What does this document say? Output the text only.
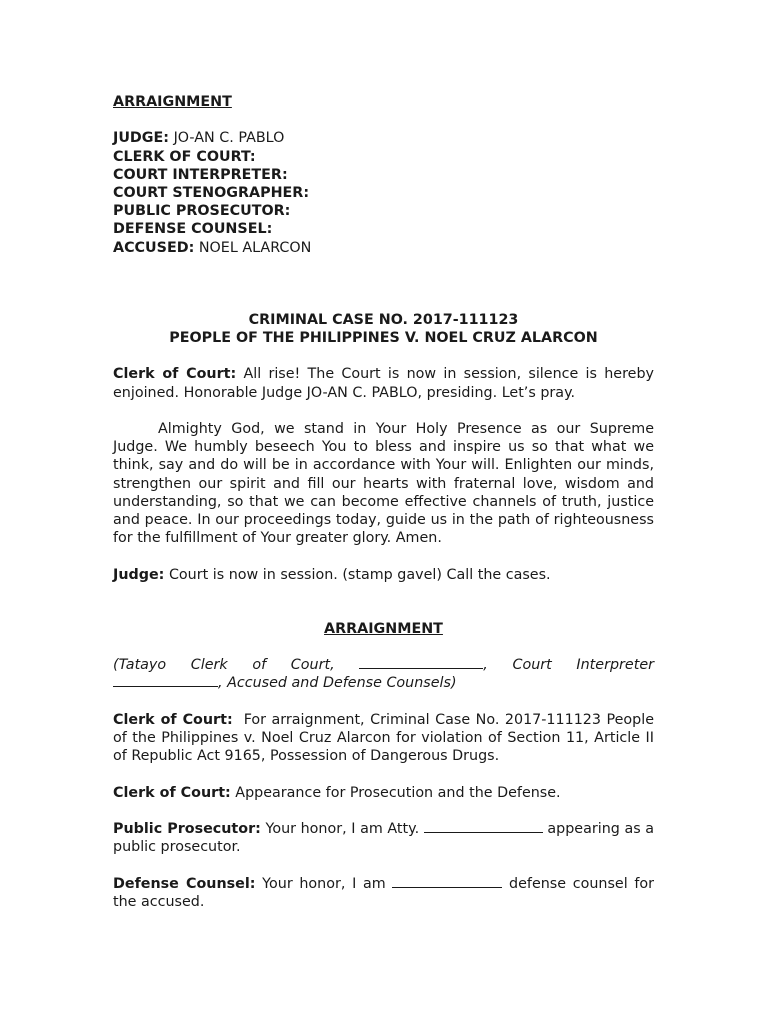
ARRAIGNMENT

JUDGE: JO-AN C. PABLO

CLERK OF COURT:

COURT INTERPRETER:

COURT STENOGRAPHER:

PUBLIC PROSECUTOR:

DEFENSE COUNSEL:

ACCUSED: NOEL ALARCON

CRIMINAL CASE NO. 2017-111123

PEOPLE OF THE PHILIPPINES V. NOEL CRUZ ALARCON

Clerk of Court: All rise! The Court is now in session, silence is hereby enjoined. Honorable Judge JO-AN C. PABLO, presiding. Let’s pray.

Almighty God, we stand in Your Holy Presence as our Supreme Judge. We humbly beseech You to bless and inspire us so that what we think, say and do will be in accordance with Your will. Enlighten our minds, strengthen our spirit and fill our hearts with fraternal love, wisdom and understanding, so that we can become effective channels of truth, justice and peace. In our proceedings today, guide us in the path of righteousness for the fulfillment of Your greater glory. Amen.

Judge: Court is now in session. (stamp gavel) Call the cases.

ARRAIGNMENT

(Tatayo Clerk of Court,	, Court Interpreter

, Accused and Defense Counsels)

Clerk of Court: For arraignment, Criminal Case No. 2017-111123 People of the Philippines v. Noel Cruz Alarcon for violation of Section 11, Article II of Republic Act 9165, Possession of Dangerous Drugs.

Clerk of Court: Appearance for Prosecution and the Defense.

Public Prosecutor: Your honor, I am Atty.	appearing as a public prosecutor.

Defense Counsel: Your honor, I am	defense counsel for the accused.
